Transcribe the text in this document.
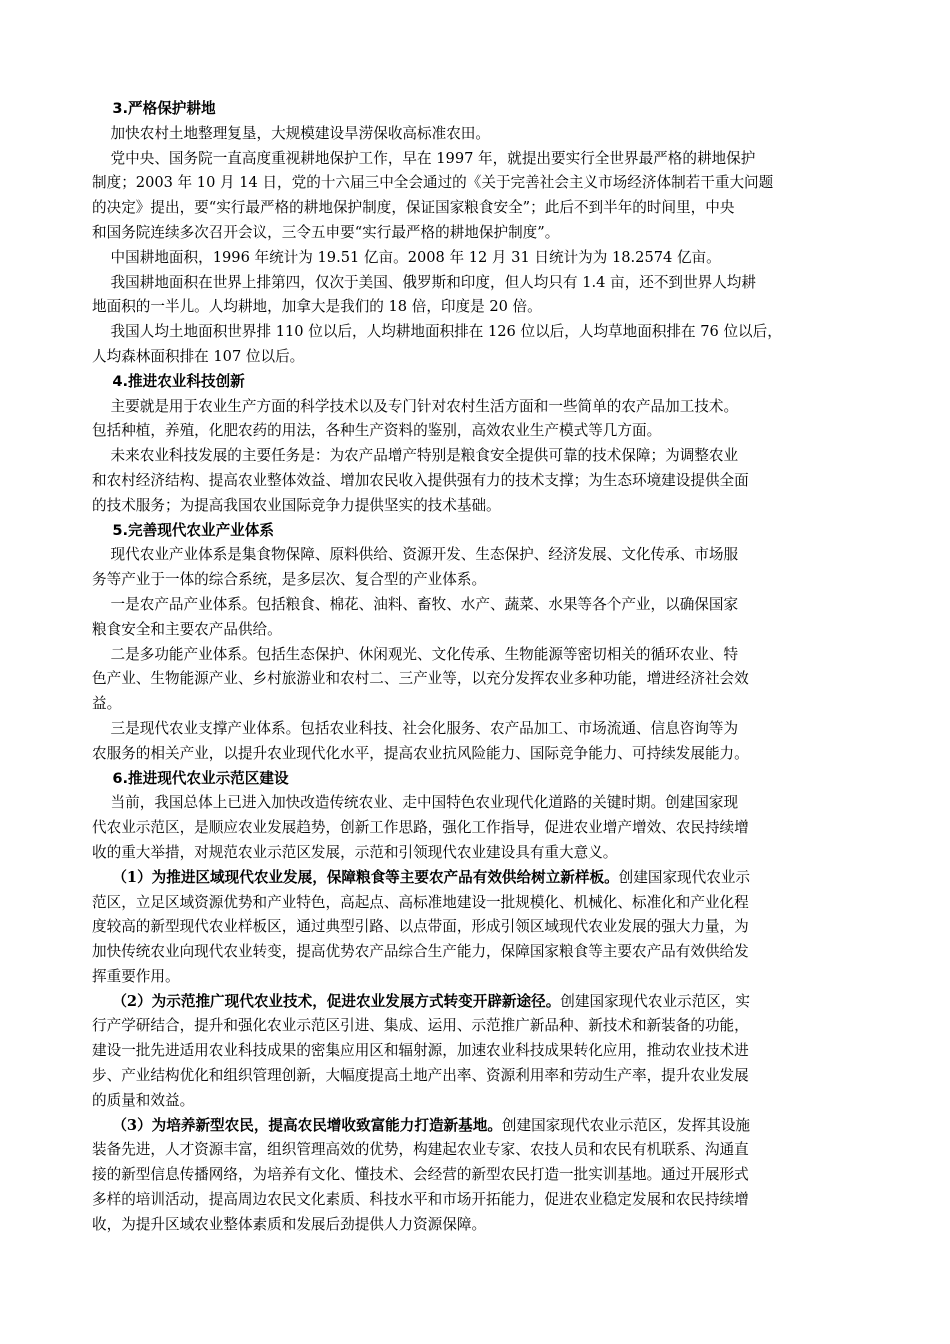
3.严格保护耕地
加快农村土地整理复垦，大规模建设旱涝保收高标准农田。
党中央、国务院一直高度重视耕地保护工作，早在 1997 年，就提出要实行全世界最严格的耕地保护
制度；2003 年 10 月 14 日，党的十六届三中全会通过的《关于完善社会主义市场经济体制若干重大问题
的决定》提出，要“实行最严格的耕地保护制度，保证国家粮食安全”；此后不到半年的时间里，中央
和国务院连续多次召开会议，三令五申要“实行最严格的耕地保护制度”。
中国耕地面积，1996 年统计为 19.51 亿亩。2008 年 12 月 31 日统计为为 18.2574 亿亩。
我国耕地面积在世界上排第四，仅次于美国、俄罗斯和印度，但人均只有 1.4 亩，还不到世界人均耕
地面积的一半儿。人均耕地，加拿大是我们的 18 倍，印度是 20 倍。
我国人均土地面积世界排 110 位以后，人均耕地面积排在 126 位以后，人均草地面积排在 76 位以后，
人均森林面积排在 107 位以后。
4.推进农业科技创新
主要就是用于农业生产方面的科学技术以及专门针对农村生活方面和一些简单的农产品加工技术。
包括种植，养殖，化肥农药的用法，各种生产资料的鉴别，高效农业生产模式等几方面。
未来农业科技发展的主要任务是：为农产品增产特别是粮食安全提供可靠的技术保障；为调整农业
和农村经济结构、提高农业整体效益、增加农民收入提供强有力的技术支撑；为生态环境建设提供全面
的技术服务；为提高我国农业国际竞争力提供坚实的技术基础。
5.完善现代农业产业体系
现代农业产业体系是集食物保障、原料供给、资源开发、生态保护、经济发展、文化传承、市场服
务等产业于一体的综合系统，是多层次、复合型的产业体系。
一是农产品产业体系。包括粮食、棉花、油料、畜牧、水产、蔬菜、水果等各个产业，以确保国家
粮食安全和主要农产品供给。
二是多功能产业体系。包括生态保护、休闲观光、文化传承、生物能源等密切相关的循环农业、特
色产业、生物能源产业、乡村旅游业和农村二、三产业等，以充分发挥农业多种功能，增进经济社会效
益。
三是现代农业支撑产业体系。包括农业科技、社会化服务、农产品加工、市场流通、信息咨询等为
农服务的相关产业，以提升农业现代化水平，提高农业抗风险能力、国际竞争能力、可持续发展能力。
6.推进现代农业示范区建设
当前，我国总体上已进入加快改造传统农业、走中国特色农业现代化道路的关键时期。创建国家现
代农业示范区，是顺应农业发展趋势，创新工作思路，强化工作指导，促进农业增产增效、农民持续增
收的重大举措，对规范农业示范区发展，示范和引领现代农业建设具有重大意义。
（1）为推进区域现代农业发展，保障粮食等主要农产品有效供给树立新样板。创建国家现代农业示
范区，立足区域资源优势和产业特色，高起点、高标准地建设一批规模化、机械化、标准化和产业化程
度较高的新型现代农业样板区，通过典型引路、以点带面，形成引领区域现代农业发展的强大力量，为
加快传统农业向现代农业转变，提高优势农产品综合生产能力，保障国家粮食等主要农产品有效供给发
挥重要作用。
（2）为示范推广现代农业技术，促进农业发展方式转变开辟新途径。创建国家现代农业示范区，实
行产学研结合，提升和强化农业示范区引进、集成、运用、示范推广新品种、新技术和新装备的功能，
建设一批先进适用农业科技成果的密集应用区和辐射源，加速农业科技成果转化应用，推动农业技术进
步、产业结构优化和组织管理创新，大幅度提高土地产出率、资源利用率和劳动生产率，提升农业发展
的质量和效益。
（3）为培养新型农民，提高农民增收致富能力打造新基地。创建国家现代农业示范区，发挥其设施
装备先进，人才资源丰富，组织管理高效的优势，构建起农业专家、农技人员和农民有机联系、沟通直
接的新型信息传播网络，为培养有文化、懂技术、会经营的新型农民打造一批实训基地。通过开展形式
多样的培训活动，提高周边农民文化素质、科技水平和市场开拓能力，促进农业稳定发展和农民持续增
收，为提升区域农业整体素质和发展后劲提供人力资源保障。
